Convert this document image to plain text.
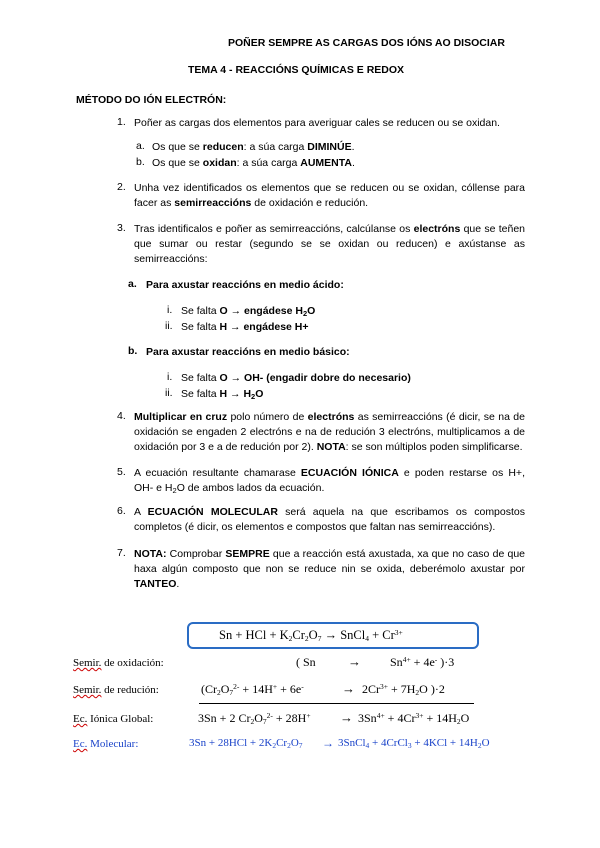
POÑER SEMPRE AS CARGAS DOS IÓNS AO DISOCIAR
TEMA 4 - REACCIÓNS QUÍMICAS E REDOX
MÉTODO DO IÓN ELECTRÓN:
1. Poñer as cargas dos elementos para averiguar cales se reducen ou se oxidan.
a. Os que se reducen: a súa carga DIMINÚE.
b. Os que se oxidan: a súa carga AUMENTA.
2. Unha vez identificados os elementos que se reducen ou se oxidan, cóllense para facer as semirreaccións de oxidación e redución.
3. Tras identificalos e poñer as semirreaccións, calcúlanse os electróns que se teñen que sumar ou restar (segundo se se oxidan ou reducen) e axústanse as semirreaccións:
a. Para axustar reaccións en medio ácido:
i. Se falta O → engádese $H_2O$
ii. Se falta H → engádese H+
b. Para axustar reaccións en medio básico:
i. Se falta O → OH- (engadir dobre do necesario)
ii. Se falta $H \to H_2O$
4. Multiplicar en cruz polo número de electróns as semirreaccións (é dicir, se na de oxidación se engaden 2 electróns e na de redución 3 electróns, multiplicamos a de oxidación por 3 e a de redución por 2). NOTA: se son múltiplos poden simplificarse.
5. A ecuación resultante chamarase ECUACIÓN IÓNICA e poden restarse os H+, OH- e $H_2O$ de ambos lados da ecuación.
6. A ECUACIÓN MOLECULAR será aquela na que escribamos os compostos completos (é dicir, os elementos e compostos que faltan nas semirreaccións).
7. NOTA: Comprobar SEMPRE que a reacción está axustada, xa que no caso de que haxa algún composto que non se reduce nin se oxida, deberémolo axustar por TANTEO.
Sn + HCl + $K_2Cr_2O_7$ → SnCl$_4$ + $Cr^{3+}$
Semir. de oxidación:	( $Sn \to Sn^{4+} + 4e^-$ )·3
Semir. de redución:	($Cr_2O_7^{2-} + 14H^+ + 6e^-$	→ $2Cr^{3+} + 7H_2O$ )·2
Ec. Iónica Global:	3Sn + 2 $Cr_2O_7^{2-} + 28H^+ \to 3Sn^{4+} + 4Cr^{3+} + 14H_2O$
Ec. Molecular:	$3Sn + 28HCl + 2K_2Cr_2O_7$ → 3SnCl$_4$ + 4CrCl$_3$ + $4KCl + 14H_2O$
